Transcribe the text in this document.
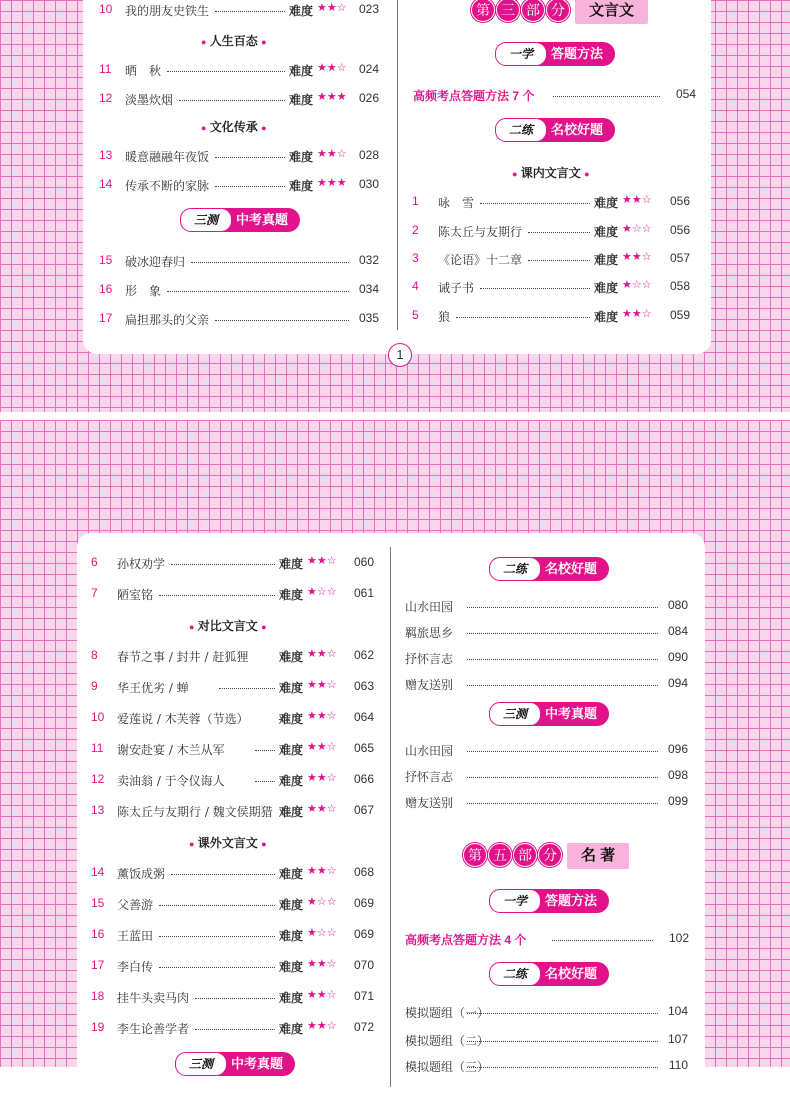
10 我的朋友史铁生	难度 ★★☆ 023
11 晒　秋	难度 ★★☆ 024
12 淡墨炊烟	难度 ★★★ 026
13 暖意融融年夜饭	难度 ★★☆ 028
14 传承不断的家脉	难度 ★★★ 030
15 破冰迎春归	032
16 形　象	034
17 扁担那头的父亲	035
● 人生百态 ●
● 文化传承 ●
中考真题
三测
第 三 部 分 文言文
答题方法
一学
高频考点答题方法 7 个	054
名校好题
二练
● 课内文言文 ●
1 咏　雪	难度 ★★☆ 056
2 陈太丘与友期行	难度 ★☆☆ 056
3 《论语》十二章	难度 ★★☆ 057
4 诫子书	难度 ★☆☆ 058
5 狼	难度 ★★☆ 059
1
6 孙权劝学	难度 ★★☆ 060
7 陋室铭	难度 ★☆☆ 061
8 春节之事 / 封井 / 赶狐狸	难度 ★★☆ 062
9 华王优劣 / 蝉	难度 ★★☆ 063
10 爱莲说 / 木芙蓉（节选）	难度 ★★☆ 064
11 谢安赴宴 / 木兰从军	难度 ★★☆ 065
12 卖油翁 / 于令仪诲人	难度 ★★☆ 066
13 陈太丘与友期行 / 魏文侯期猎 难度 ★★☆ 067
14 薰饭成粥	难度 ★★☆ 068
15 父善游	难度 ★☆☆ 069
16 王蓝田	难度 ★☆☆ 069
17 李白传	难度 ★★☆ 070
18 挂牛头卖马肉	难度 ★★☆ 071
19 李生论善学者	难度 ★★☆ 072
● 对比文言文 ●
● 课外文言文 ●
中考真题
三测
名校好题
二练
山水田园	080
羁旅思乡	084
抒怀言志	090
赠友送别	094
中考真题
三测
山水田园	096
抒怀言志	098
赠友送别	099
第 五 部 分 名 著
答题方法
一学
高频考点答题方法 4 个	102
名校好题
二练
模拟题组（一）	104
模拟题组（二）	107
模拟题组（三）	110
